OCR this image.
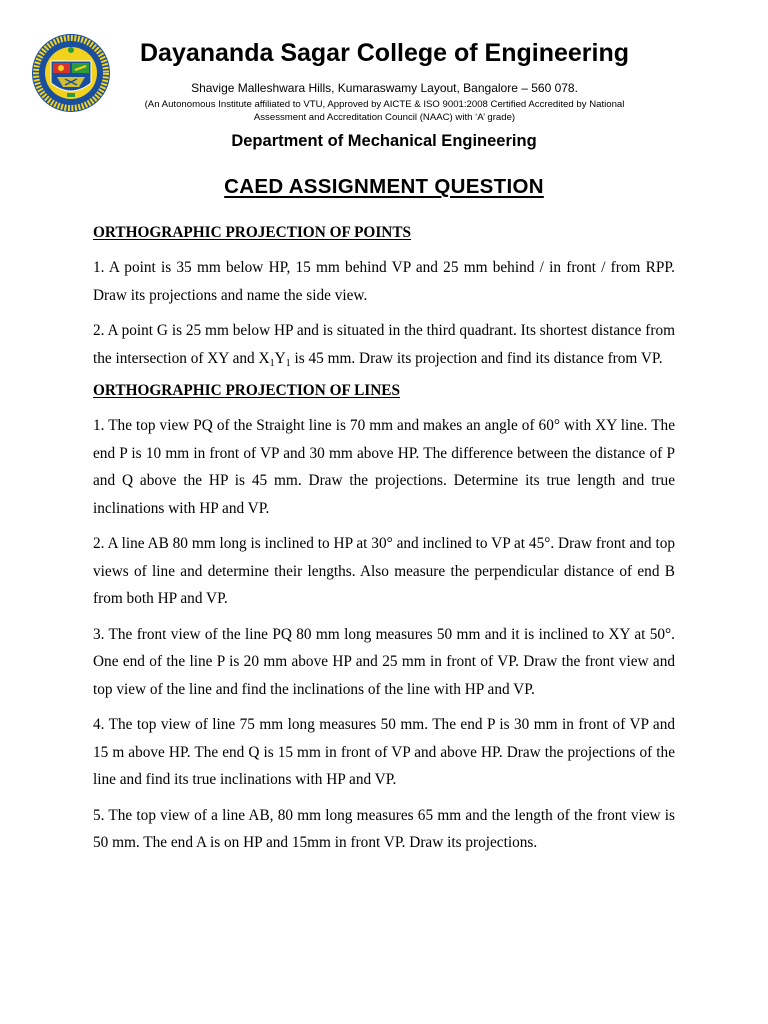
Dayananda Sagar College of Engineering
Shavige Malleshwara Hills, Kumaraswamy Layout, Bangalore – 560 078.
(An Autonomous Institute affiliated to VTU, Approved by AICTE & ISO 9001:2008 Certified Accredited by National
Assessment and Accreditation Council (NAAC) with ‘A’ grade)
Department of Mechanical Engineering
CAED ASSIGNMENT QUESTION

ORTHOGRAPHIC PROJECTION OF POINTS

1. A point is 35 mm below HP, 15 mm behind VP and 25 mm behind / in front / from RPP. Draw its projections and name the side view.

2. A point G is 25 mm below HP and is situated in the third quadrant. Its shortest distance from the intersection of XY and $X_1Y_1$ is 45 mm. Draw its projection and find its distance from VP.

ORTHOGRAPHIC PROJECTION OF LINES

1. The top view PQ of the Straight line is 70 mm and makes an angle of 60° with XY line. The end P is 10 mm in front of VP and 30 mm above HP. The difference between the distance of P and Q above the HP is 45 mm. Draw the projections. Determine its true length and true inclinations with HP and VP.

2. A line AB 80 mm long is inclined to HP at 30° and inclined to VP at 45°. Draw front and top views of line and determine their lengths. Also measure the perpendicular distance of end B from both HP and VP.

3. The front view of the line PQ 80 mm long measures 50 mm and it is inclined to XY at 50°. One end of the line P is 20 mm above HP and 25 mm in front of VP. Draw the front view and top view of the line and find the inclinations of the line with HP and VP.

4. The top view of line 75 mm long measures 50 mm. The end P is 30 mm in front of VP and 15 m above HP. The end Q is 15 mm in front of VP and above HP. Draw the projections of the line and find its true inclinations with HP and VP.

5. The top view of a line AB, 80 mm long measures 65 mm and the length of the front view is 50 mm. The end A is on HP and 15mm in front VP. Draw its projections.
